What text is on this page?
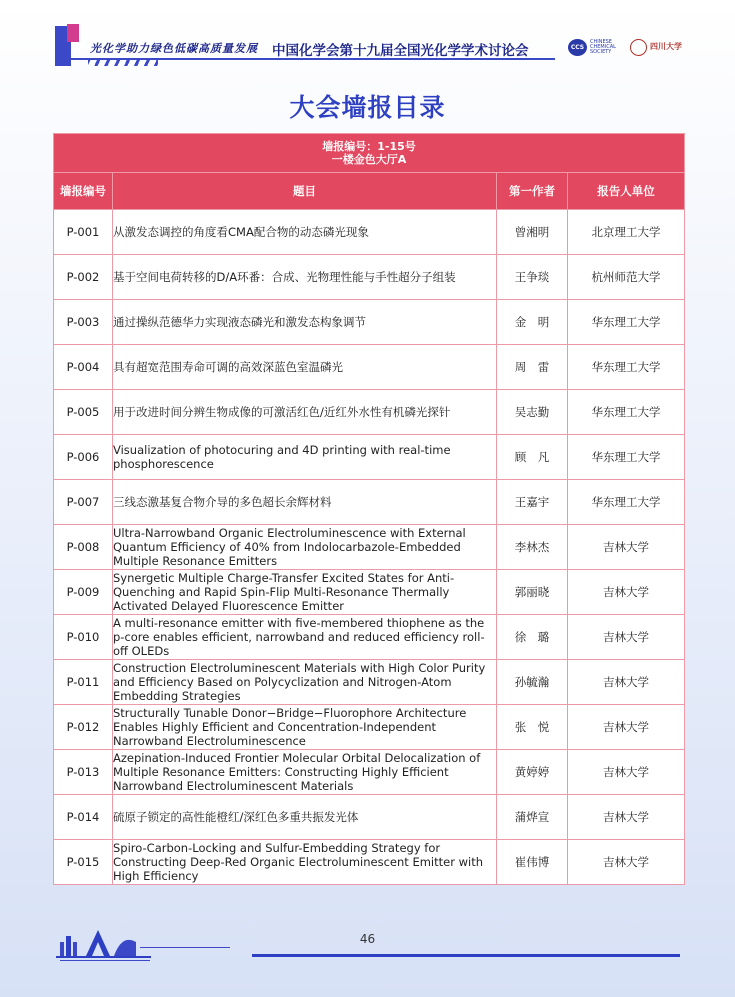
光化学助力绿色低碳高质量发展 中国化学会第十九届全国光化学学术讨论会	CCS
CHINESE CHEMICAL SOCIETY
四川大学
大会墙报目录
墙报编号：1-15号
一楼金色大厅A			

墙报编号	题目	第一作者	报告人单位
P-001	从激发态调控的角度看CMA配合物的动态磷光现象	曾湘明	北京理工大学
P-002	基于空间电荷转移的D/A环番：合成、光物理性能与手性超分子组装	王争琰	杭州师范大学
P-003	通过操纵范德华力实现液态磷光和激发态构象调节	金　明	华东理工大学
P-004	具有超宽范围寿命可调的高效深蓝色室温磷光	周　雷	华东理工大学
P-005	用于改进时间分辨生物成像的可激活红色/近红外水性有机磷光探针	吴志勤	华东理工大学
P-006	Visualization of photocuring and 4D printing with real-time phosphorescence	顾　凡	华东理工大学
P-007	三线态激基复合物介导的多色超长余辉材料	王嘉宇	华东理工大学
P-008	Ultra-Narrowband Organic Electroluminescence with External Quantum Efficiency of 40% from Indolocarbazole-Embedded Multiple Resonance Emitters	李林杰	吉林大学
P-009	Synergetic Multiple Charge-Transfer Excited States for Anti-Quenching and Rapid Spin-Flip Multi-Resonance Thermally Activated Delayed Fluorescence Emitter	郭丽晓	吉林大学
P-010	A multi-resonance emitter with five-membered thiophene as the p-core enables efficient, narrowband and reduced efficiency roll-off OLEDs	徐　璐	吉林大学
P-011	Construction Electroluminescent Materials with High Color Purity and Efficiency Based on Polycyclization and Nitrogen-Atom Embedding Strategies	孙毓瀚	吉林大学
P-012	Structurally Tunable Donor−Bridge−Fluorophore Architecture Enables Highly Efficient and Concentration-Independent Narrowband Electroluminescence	张　悦	吉林大学
P-013	Azepination-Induced Frontier Molecular Orbital Delocalization of Multiple Resonance Emitters: Constructing Highly Efficient Narrowband Electroluminescent Materials	黄婷婷	吉林大学
P-014	硫原子锁定的高性能橙红/深红色多重共振发光体	蒲烨宣	吉林大学
P-015	Spiro-Carbon-Locking and Sulfur-Embedding Strategy for Constructing Deep-Red Organic Electroluminescent Emitter with High Efficiency	崔伟博	吉林大学
46
